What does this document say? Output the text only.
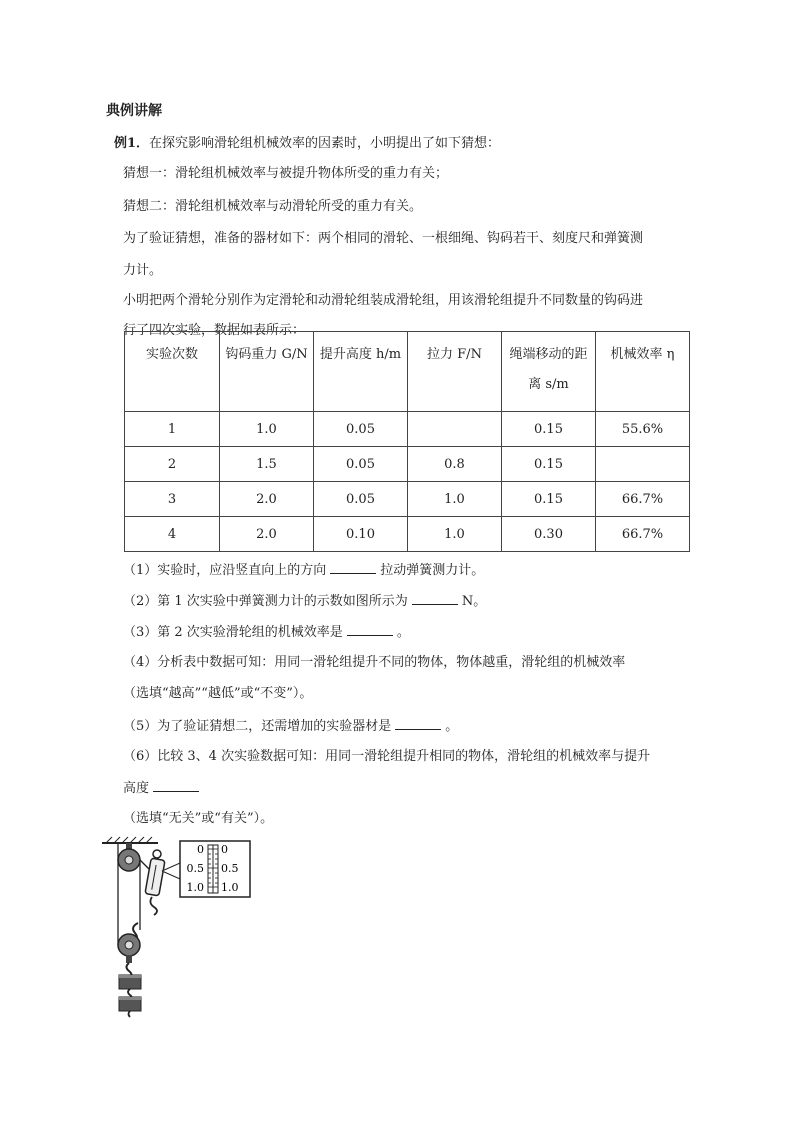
典例讲解
例1．在探究影响滑轮组机械效率的因素时，小明提出了如下猜想：
猜想一：滑轮组机械效率与被提升物体所受的重力有关；
猜想二：滑轮组机械效率与动滑轮所受的重力有关。
为了验证猜想，准备的器材如下：两个相同的滑轮、一根细绳、钩码若干、刻度尺和弹簧测
力计。
小明把两个滑轮分别作为定滑轮和动滑轮组装成滑轮组，用该滑轮组提升不同数量的钩码进
行了四次实验，数据如表所示：
实验次数	钩码重力 G/N	提升高度 h/m	拉力 F/N	绳端移动的距
离 s/m	机械效率 η

1	1.0	0.05		0.15	55.6%
2	1.5	0.05	0.8	0.15	
3	2.0	0.05	1.0	0.15	66.7%
4	2.0	0.10	1.0	0.30	66.7%
（1）实验时，应沿竖直向上的方向	拉动弹簧测力计。
（2）第 1 次实验中弹簧测力计的示数如图所示为	N。
（3）第 2 次实验滑轮组的机械效率是	。
（4）分析表中数据可知：用同一滑轮组提升不同的物体，物体越重，滑轮组的机械效率
（选填“越高”“越低”或“不变”）。
（5）为了验证猜想二，还需增加的实验器材是	。
（6）比较 3、4 次实验数据可知：用同一滑轮组提升相同的物体，滑轮组的机械效率与提升
高度
（选填“无关”或“有关”）。
0
0.5
1.0
0
0.5
1.0
